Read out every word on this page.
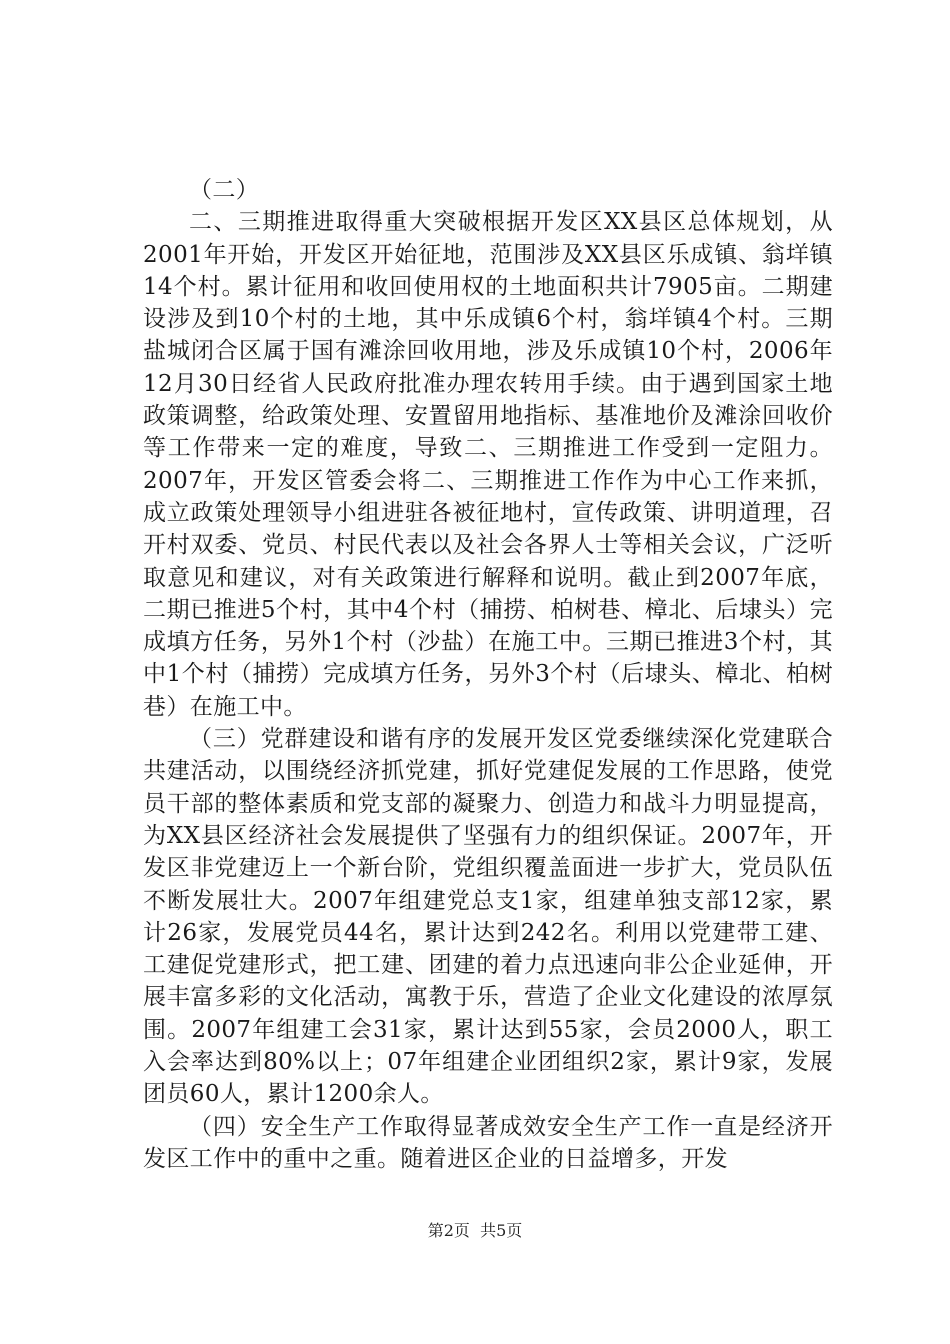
（二）

二、三期推进取得重大突破根据开发区XX县区总体规划，从2001年开始，开发区开始征地，范围涉及XX县区乐成镇、翁垟镇14个村。累计征用和收回使用权的土地面积共计7905亩。二期建设涉及到10个村的土地，其中乐成镇6个村，翁垟镇4个村。三期盐城闭合区属于国有滩涂回收用地，涉及乐成镇10个村，2006年12月30日经省人民政府批准办理农转用手续。由于遇到国家土地政策调整，给政策处理、安置留用地指标、基准地价及滩涂回收价等工作带来一定的难度，导致二、三期推进工作受到一定阻力。2007年，开发区管委会将二、三期推进工作作为中心工作来抓，成立政策处理领导小组进驻各被征地村，宣传政策、讲明道理，召开村双委、党员、村民代表以及社会各界人士等相关会议，广泛听取意见和建议，对有关政策进行解释和说明。截止到2007年底，二期已推进5个村，其中4个村（捕捞、柏树巷、樟北、后埭头）完成填方任务，另外1个村（沙盐）在施工中。三期已推进3个村，其中1个村（捕捞）完成填方任务，另外3个村（后埭头、樟北、柏树巷）在施工中。

（三）党群建设和谐有序的发展开发区党委继续深化党建联合共建活动，以围绕经济抓党建，抓好党建促发展的工作思路，使党员干部的整体素质和党支部的凝聚力、创造力和战斗力明显提高，为XX县区经济社会发展提供了坚强有力的组织保证。2007年，开发区非党建迈上一个新台阶，党组织覆盖面进一步扩大，党员队伍不断发展壮大。2007年组建党总支1家，组建单独支部12家，累计26家，发展党员44名，累计达到242名。利用以党建带工建、工建促党建形式，把工建、团建的着力点迅速向非公企业延伸，开展丰富多彩的文化活动，寓教于乐，营造了企业文化建设的浓厚氛围。2007年组建工会31家，累计达到55家，会员2000人，职工入会率达到80%以上；07年组建企业团组织2家，累计9家，发展团员60人，累计1200余人。

（四）安全生产工作取得显著成效安全生产工作一直是经济开发区工作中的重中之重。随着进区企业的日益增多，开发

第2页  共5页
